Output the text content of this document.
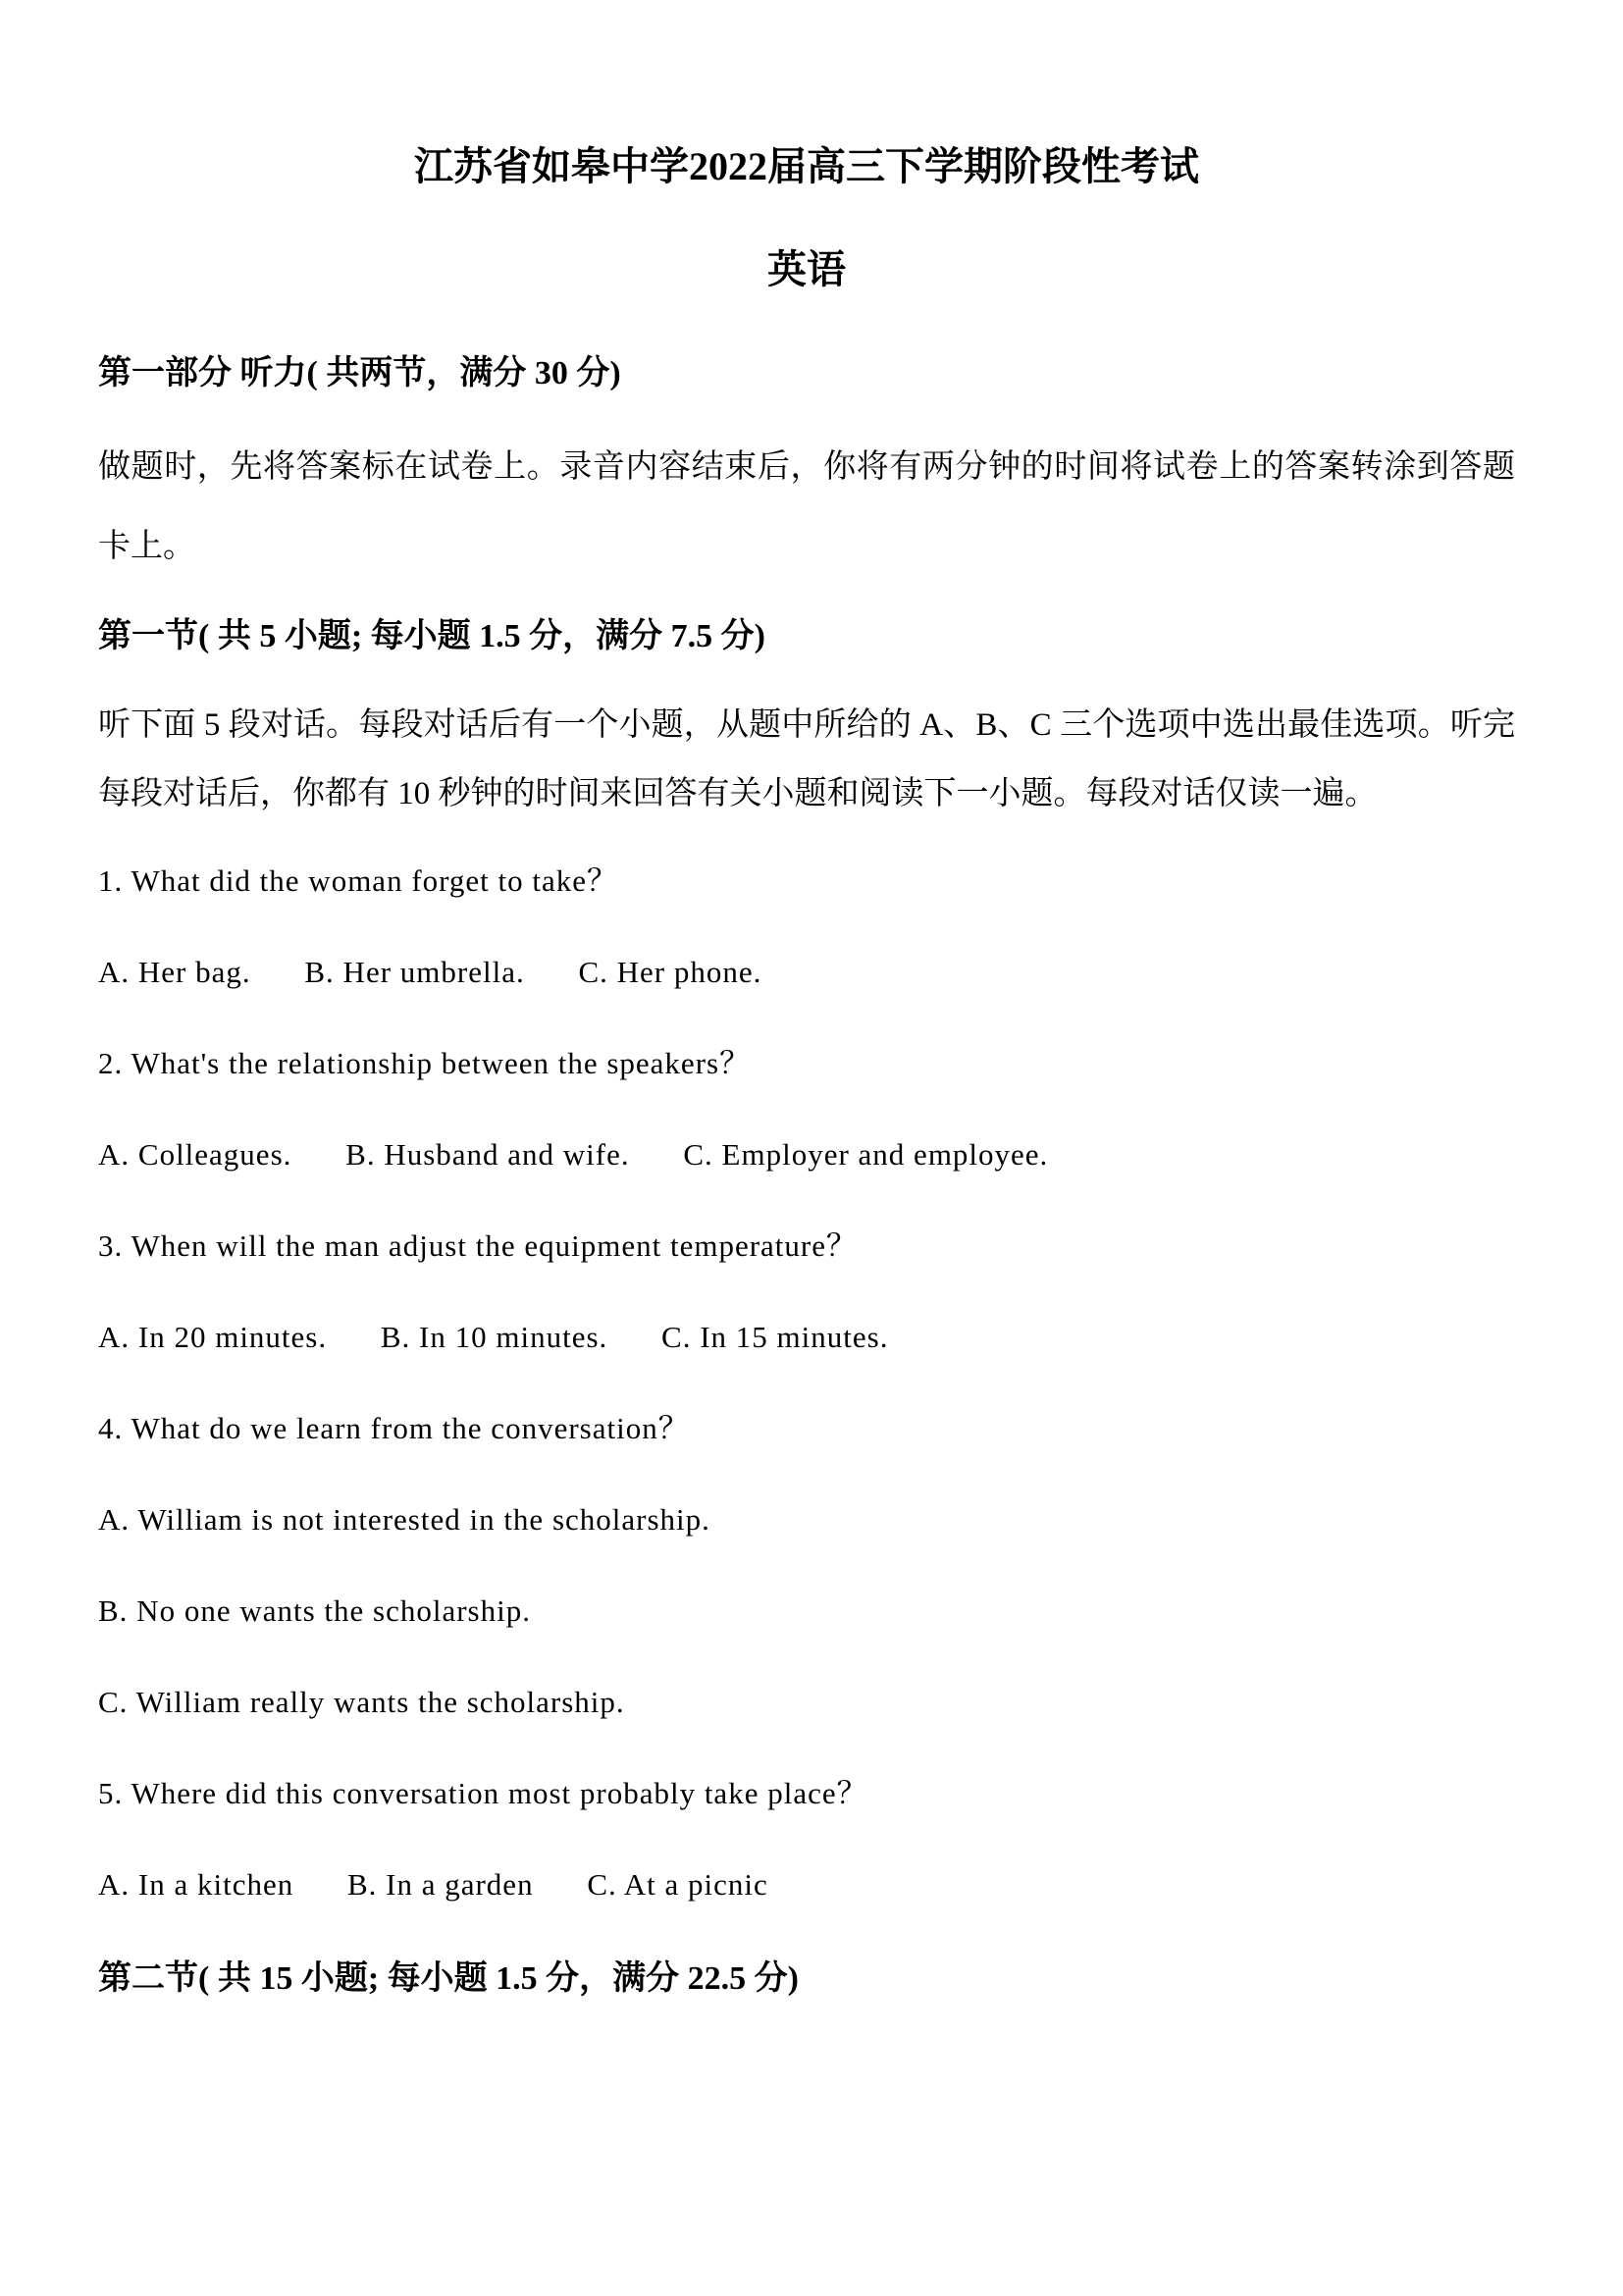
江苏省如皋中学2022届高三下学期阶段性考试
英语
第一部分 听力( 共两节，满分 30 分)
做题时，先将答案标在试卷上。录音内容结束后，你将有两分钟的时间将试卷上的答案转涂到答题卡上。
第一节( 共 5 小题; 每小题 1.5 分，满分 7.5 分)
听下面 5 段对话。每段对话后有一个小题，从题中所给的 A、B、C 三个选项中选出最佳选项。听完每段对话后，你都有 10 秒钟的时间来回答有关小题和阅读下一小题。每段对话仅读一遍。
1. What did the woman forget to take？
A. Her bag. B. Her umbrella. C. Her phone.
2. What's the relationship between the speakers？
A. Colleagues. B. Husband and wife. C. Employer and employee.
3. When will the man adjust the equipment temperature？
A. In 20 minutes. B. In 10 minutes. C. In 15 minutes.
4. What do we learn from the conversation？
A. William is not interested in the scholarship.
B. No one wants the scholarship.
C. William really wants the scholarship.
5. Where did this conversation most probably take place？
A. In a kitchen B. In a garden C. At a picnic
第二节( 共 15 小题; 每小题 1.5 分，满分 22.5 分)
